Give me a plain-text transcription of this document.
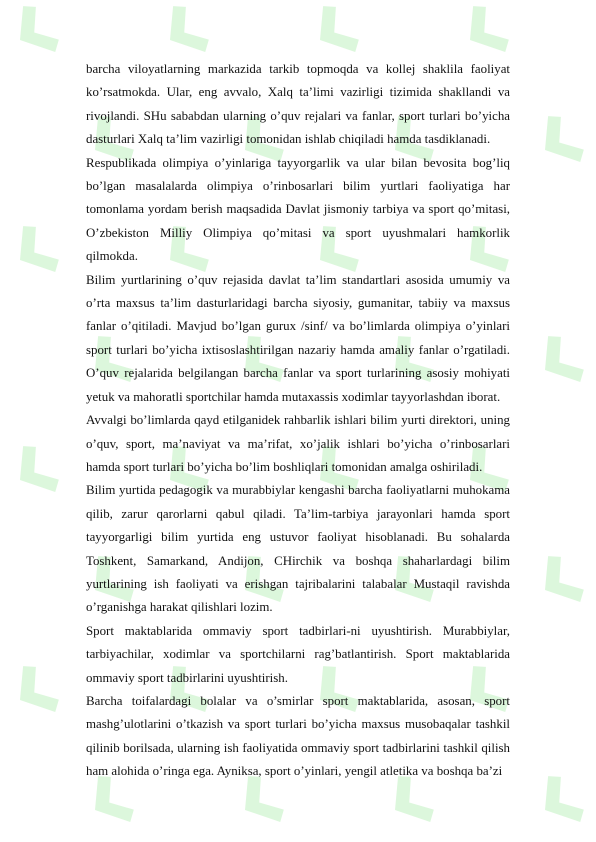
barcha viloyatlarning markazida tarkib topmoqda va kollej shaklila faoliyat ko’rsatmokda. Ular, eng avvalo, Xalq ta’limi vazirligi tizimida shakllandi va rivojlandi. SHu sababdan ularning o’quv rejalari va fanlar, sport turlari bo’yicha dasturlari Xalq ta’lim vazirligi tomonidan ishlab chiqiladi hamda tasdiklanadi.

Respublikada olimpiya o’yinlariga tayyorgarlik va ular bilan bevosita bog’liq bo’lgan masalalarda olimpiya o’rinbosarlari bilim yurtlari faoliyatiga har tomonlama yordam berish maqsadida Davlat jismoniy tarbiya va sport qo’mitasi, O’zbekiston Milliy Olimpiya qo’mitasi va sport uyushmalari hamkorlik qilmokda.

Bilim yurtlarining o’quv rejasida davlat ta’lim standartlari asosida umumiy va o’rta maxsus ta’lim dasturlaridagi barcha siyosiy, gumanitar, tabiiy va maxsus fanlar o’qitiladi. Mavjud bo’lgan gurux /sinf/ va bo’limlarda olimpiya o’yinlari sport turlari bo’yicha ixtisoslashtirilgan nazariy hamda amaliy fanlar o’rgatiladi. O’quv rejalarida belgilangan barcha fanlar va sport turlarining asosiy mohiyati yetuk va mahoratli sportchilar hamda mutaxassis xodimlar tayyorlashdan iborat.

Avvalgi bo’limlarda qayd etilganidek rahbarlik ishlari bilim yurti direktori, uning o’quv, sport, ma’naviyat va ma’rifat, xo’jalik ishlari bo’yicha o’rinbosarlari hamda sport turlari bo’yicha bo’lim boshliqlari tomonidan amalga oshiriladi.

Bilim yurtida pedagogik va murabbiylar kengashi barcha faoliyatlarni muhokama qilib, zarur qarorlarni qabul qiladi. Ta’lim-tarbiya jarayonlari hamda sport tayyorgarligi bilim yurtida eng ustuvor faoliyat hisoblanadi. Bu sohalarda Toshkent, Samarkand, Andijon, CHirchik va boshqa shaharlardagi bilim yurtlarining ish faoliyati va erishgan tajribalarini talabalar Mustaqil ravishda o’rganishga harakat qilishlari lozim.

Sport maktablarida ommaviy sport tadbirlari-ni uyushtirish. Murabbiylar, tarbiyachilar, xodimlar va sportchilarni rag’batlantirish. Sport maktablarida ommaviy sport tadbirlarini uyushtirish.

Barcha toifalardagi bolalar va o’smirlar sport maktablarida, asosan, sport mashg’ulotlarini o’tkazish va sport turlari bo’yicha maxsus musobaqalar tashkil qilinib borilsada, ularning ish faoliyatida ommaviy sport tadbirlarini tashkil qilish ham alohida o’ringa ega. Ayniksa, sport o’yinlari, yengil atletika va boshqa ba’zi
